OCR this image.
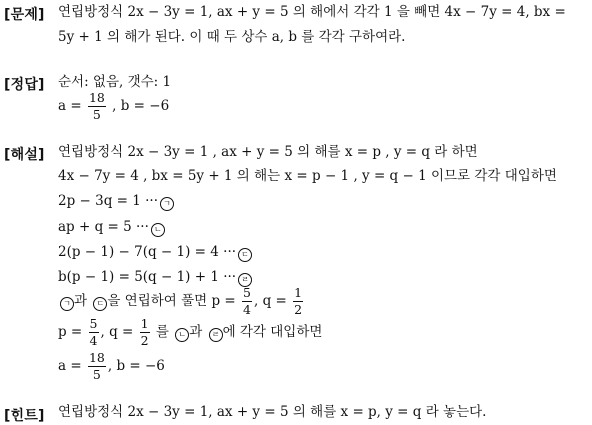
[문제]
[정답]
[해설]
[힌트]
연립방정식 2x − 3y = 1, ax + y = 5 의 해에서 각각 1 을 빼면 4x − 7y = 4, bx =
5y + 1 의 해가 된다. 이 때 두 상수 a, b 를 각각 구하여라.
순서: 없음, 갯수: 1
$a = \frac{18}{5}$ , b = −6
연립방정식 2x − 3y = 1 , ax + y = 5 의 해를 x = p , y = q 라 하면
4x − 7y = 4 , bx = 5y + 1 의 해는 x = p − 1 , y = q − 1 이므로 각각 대입하면
2p − 3q = 1 ··· ㄱ
ap + q = 5 ··· ㄴ
2(p − 1) − 7(q − 1) = 4 ··· ㄷ
b(p − 1) = 5(q − 1) + 1 ··· ㄹ
ㄱ 과 ㄷ 을 연립하여 풀면 $p = \frac{5}{4}$ , $q = \frac{1}{2}$
$p = \frac{5}{4}$ , $q = \frac{1}{2}$ 를 ㄴ 과 ㄹ 에 각각 대입하면
$a = \frac{18}{5}$ , b = −6
연립방정식 2x − 3y = 1, ax + y = 5 의 해를 x = p, y = q 라 놓는다.
